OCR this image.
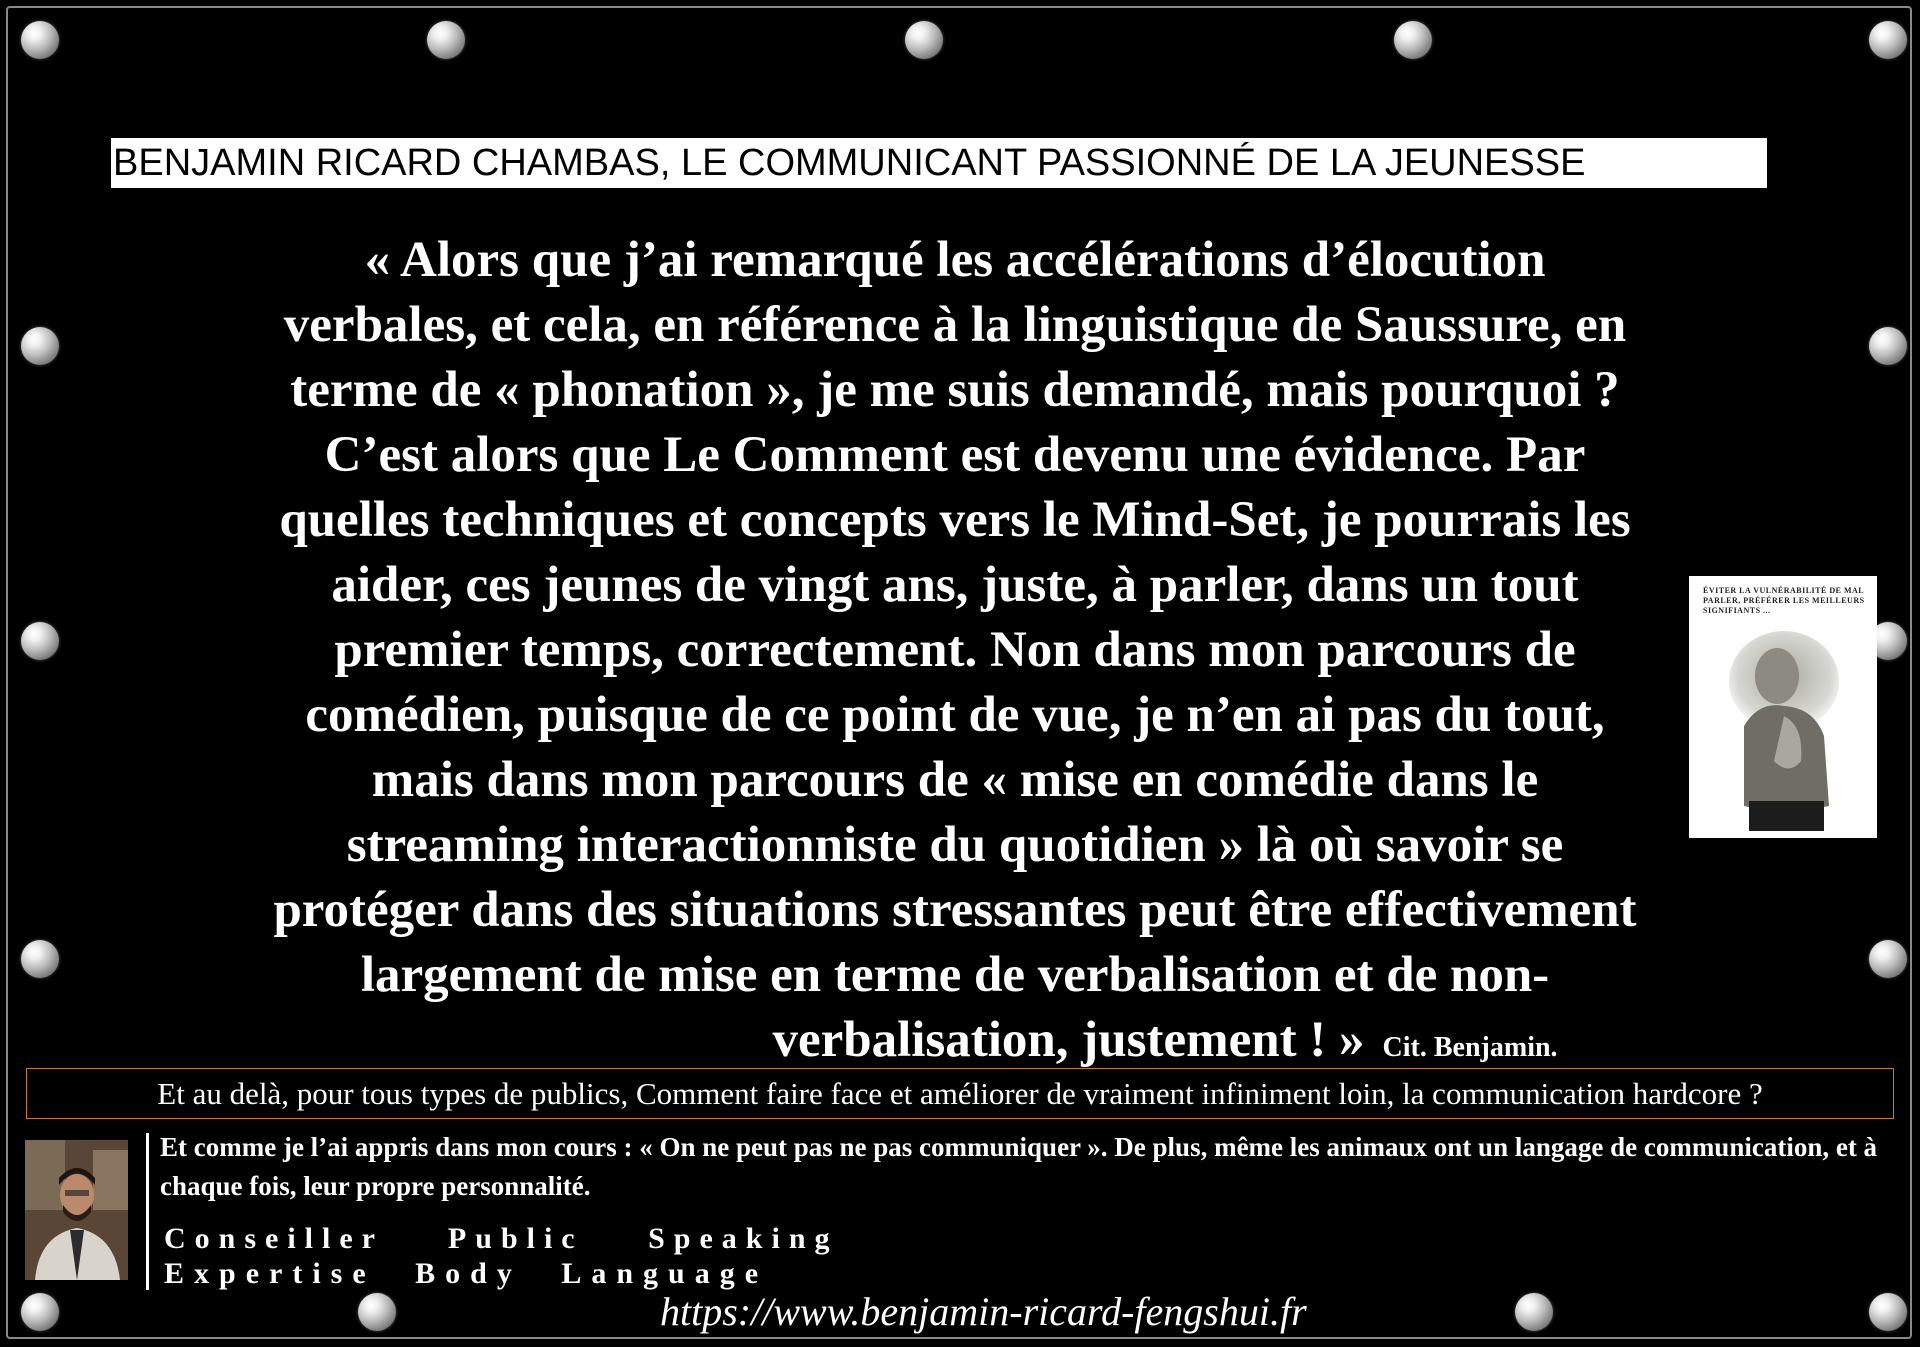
BENJAMIN RICARD CHAMBAS, LE COMMUNICANT PASSIONNÉ DE LA JEUNESSE
« Alors que j’ai remarqué les accélérations d’élocution
verbales, et cela, en référence à la linguistique de Saussure, en
terme de « phonation », je me suis demandé, mais pourquoi ?
C’est alors que Le Comment est devenu une évidence. Par
quelles techniques et concepts vers le Mind-Set, je pourrais les
aider, ces jeunes de vingt ans, juste, à parler, dans un tout
premier temps, correctement. Non dans mon parcours de
comédien, puisque de ce point de vue, je n’en ai pas du tout,
mais dans mon parcours de « mise en comédie dans le
streaming interactionniste du quotidien » là où savoir se
protéger dans des situations stressantes peut être effectivement
largement de mise en terme de verbalisation et de non-
verbalisation, justement ! » Cit. Benjamin.
ÉVITER LA VULNÉRABILITÉ DE MAL PARLER, PRÉFÉRER LES MEILLEURS SIGNIFIANTS ...
Et au delà, pour tous types de publics, Comment faire face et améliorer de vraiment infiniment loin, la communication hardcore ?
Et comme je l’ai appris dans mon cours : « On ne peut pas ne pas communiquer ». De plus, même les animaux ont un langage de communication, et à chaque fois, leur propre personnalité.
Conseiller Public Speaking
Expertise Body Language
https://www.benjamin-ricard-fengshui.fr
